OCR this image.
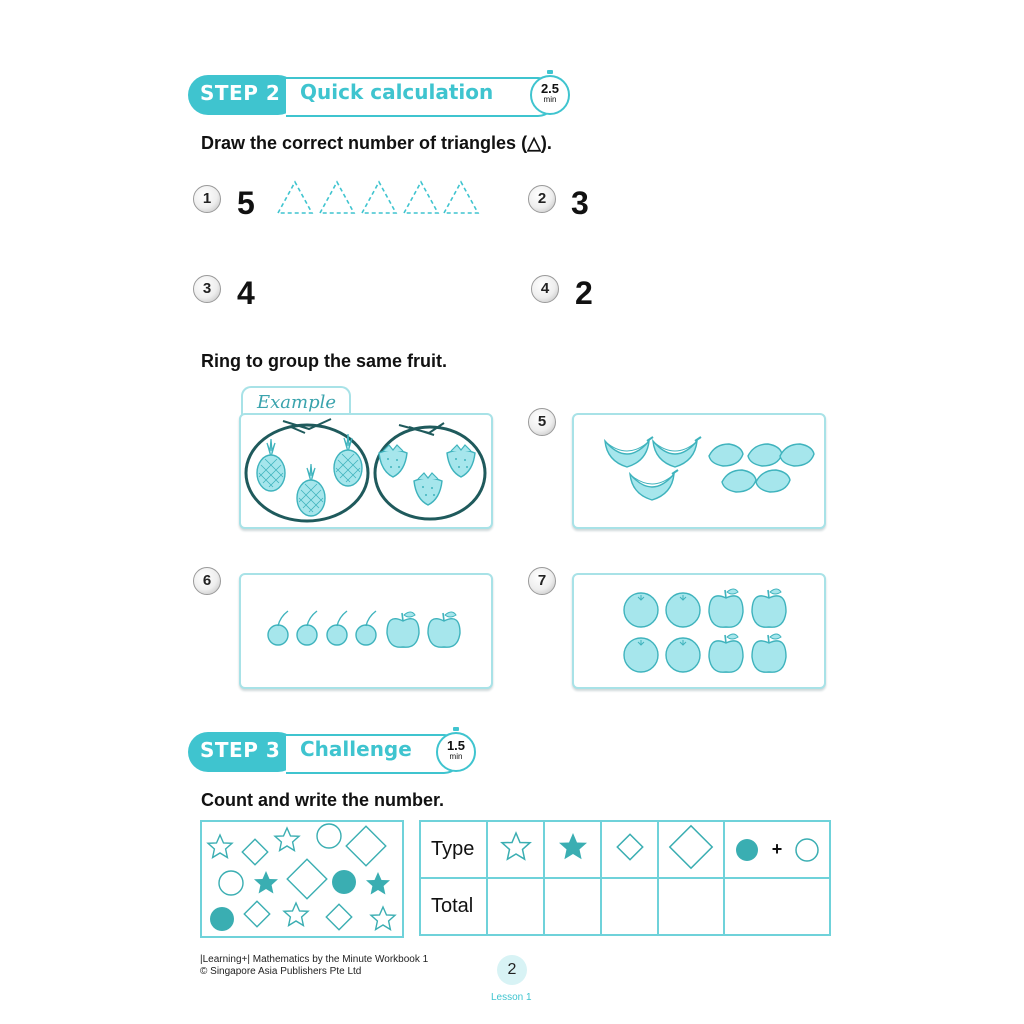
STEP 2 Quick calculation	2.5
min
Draw the correct number of triangles (△).
1 5	2 3
3 4	4 2
Ring to group the same fruit.
Example
5
6	7
STEP 3 Challenge	1.5
min
Count and write the number.
Type					+
Total					
|Learning+| Mathematics by the Minute Workbook 1
© Singapore Asia Publishers Pte Ltd	2
Lesson 1
